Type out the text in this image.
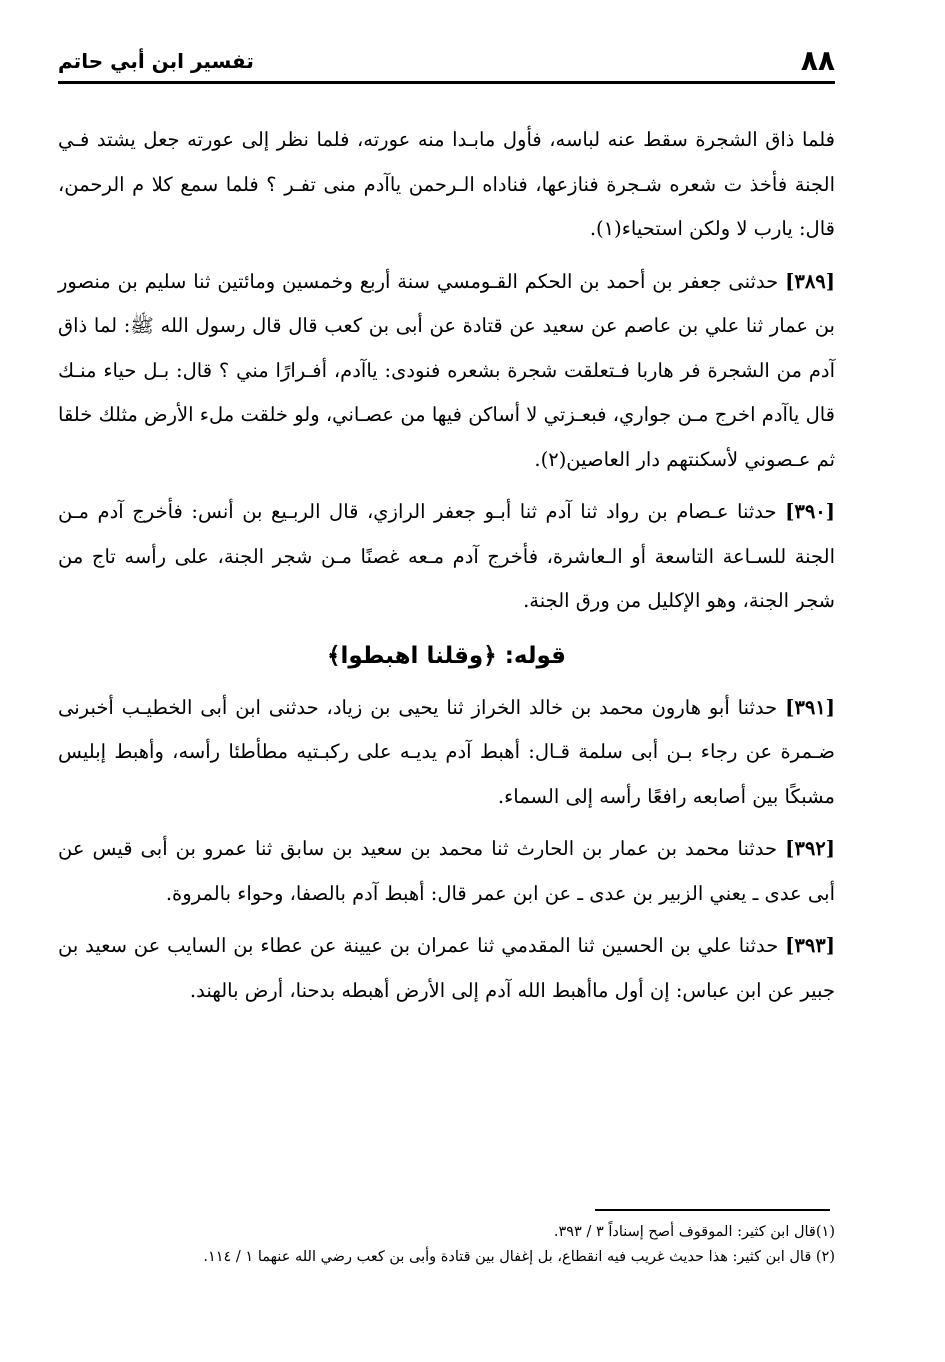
٨٨
تفسير ابن أبي حاتم

فلما ذاق الشجرة سقط عنه لباسه، فأول مابـدا منه عورته، فلما نظر إلى عورته جعل يشتد فـي الجنة فأخذ ت شعره شـجرة فنازعها، فناداه الـرحمن ياآدم منى تفـر ؟ فلما سمع كلا م الرحمن، قال: يارب لا ولكن استحياء(١).

[٣٨٩] حدثنى جعفر بن أحمد بن الحكم القـومسي سنة أربع وخمسين ومائتين ثنا سليم بن منصور بن عمار ثنا علي بن عاصم عن سعيد عن قتادة عن أبى بن كعب قال قال رسول الله ﷺ: لما ذاق آدم من الشجرة فر هاربا فـتعلقت شجرة بشعره فنودى: ياآدم، أفـرارًا مني ؟ قال: بـل حياء منـك قال ياآدم اخرج مـن جواري، فبعـزتي لا أساكن فيها من عصـاني، ولو خلقت ملء الأرض مثلك خلقا ثم عـصوني لأسكنتهم دار العاصين(٢).

[٣٩٠] حدثنا عـصام بن رواد ثنا آدم ثنا أبـو جعفر الرازي، قال الربـيع بن أنس: فأخرج آدم مـن الجنة للسـاعة التاسعة أو الـعاشرة، فأخرج آدم مـعه غصنًا مـن شجر الجنة، على رأسه تاج من شجر الجنة، وهو الإكليل من ورق الجنة.

قوله: ﴿وقلنا اهبطوا﴾

[٣٩١] حدثنا أبو هارون محمد بن خالد الخراز ثنا يحيى بن زياد، حدثنى ابن أبى الخطيـب أخبرنى ضـمرة عن رجاء بـن أبى سلمة قـال: أهبط آدم يديـه على ركبـتيه مطأطئا رأسه، وأهبط إبليس مشبكًا بين أصابعه رافعًا رأسه إلى السماء.

[٣٩٢] حدثنا محمد بن عمار بن الحارث ثنا محمد بن سعيد بن سابق ثنا عمرو بن أبى قيس عن أبى عدى ـ يعني الزبير بن عدى ـ عن ابن عمر قال: أهبط آدم بالصفا، وحواء بالمروة.

[٣٩٣] حدثنا علي بن الحسين ثنا المقدمي ثنا عمران بن عيينة عن عطاء بن السايب عن سعيد بن جبير عن ابن عباس: إن أول ماأهبط الله آدم إلى الأرض أهبطه بدحنا، أرض بالهند.

(١)قال ابن كثير: الموقوف أصح إسناداً ٣ / ٣٩٣.

(٢) قال ابن كثير: هذا حديث غريب فيه انقطاع، بل إغفال بين قتادة وأبى بن كعب رضي الله عنهما ١ / ١١٤.
